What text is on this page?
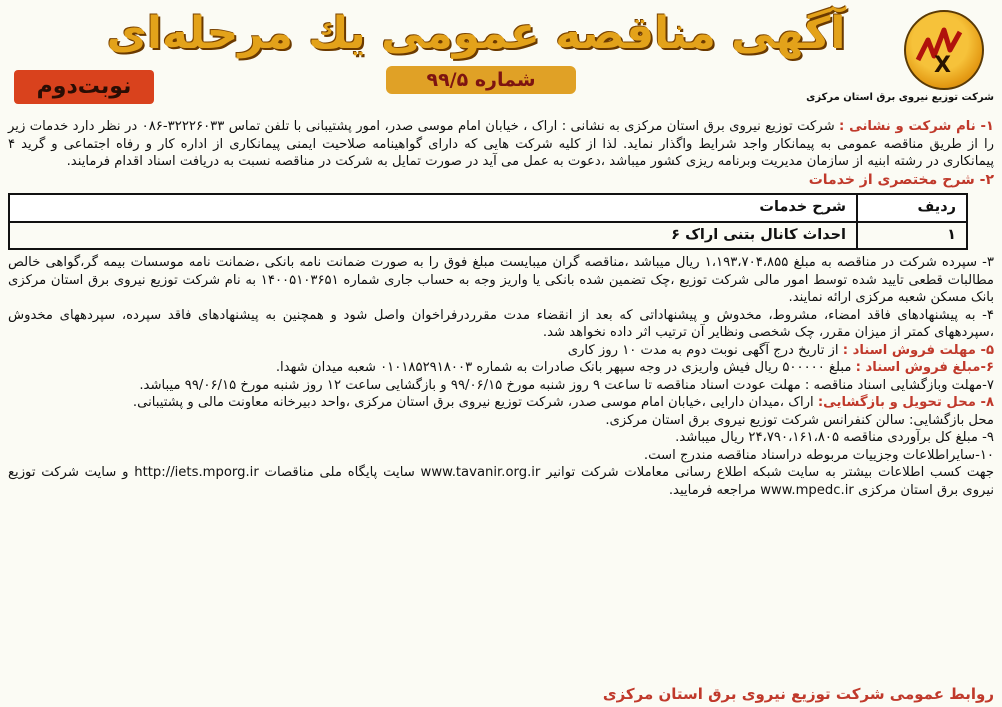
X
شرکت توزیع نیروی برق استان مرکزی
آگهی مناقصه عمومی یك مرحله‌ای
شماره ۹۹/۵
نوبت‌دوم

۱- نام شرکت و نشانی : شرکت توزیع نیروی برق استان مرکزی به نشانی : اراک ، خیابان امام موسی صدر، امور پشتیبانی با تلفن تماس ۳۲۲۲۶۰۳۳-۰۸۶ در نظر دارد خدمات زیر را از طریق مناقصه عمومی به پیمانکار واجد شرایط واگذار نماید. لذا از کلیه شرکت هایی که دارای گواهینامه صلاحیت ایمنی پیمانکاری از اداره کار و رفاه اجتماعی و گرید ۴ پیمانکاری در رشته ابنیه از سازمان مدیریت وبرنامه ریزی کشور میباشد ،دعوت به عمل می آید در صورت تمایل به شرکت در مناقصه نسبت به دریافت اسناد اقدام فرمایند.

۲- شرح مختصری از خدمات
ردیف	شرح خدمات
۱	احداث کانال بتنی اراک ۶

۳- سپرده شرکت در مناقصه به مبلغ ۱،۱۹۳،۷۰۴،۸۵۵ ریال میباشد ،مناقصه گران میبایست مبلغ فوق را به صورت ضمانت نامه بانکی ،ضمانت نامه موسسات بیمه گر،گواهی خالص مطالبات قطعی تایید شده توسط امور مالی شرکت توزیع ،چک تضمین شده بانکی یا واریز وجه به حساب جاری شماره ۱۴۰۰۵۱۰۳۶۵۱ به نام شرکت توزیع نیروی برق استان مرکزی بانک مسکن شعبه مرکزی ارائه نمایند.

۴- به پیشنهادهای فاقد امضاء، مشروط، مخدوش و پیشنهاداتی که بعد از انقضاء مدت مقرردرفراخوان واصل شود و همچنین به پیشنهادهای فاقد سپرده، سپردههای مخدوش ،سپردههای کمتر از میزان مقرر، چک شخصی ونظایر آن ترتیب اثر داده نخواهد شد.

۵- مهلت فروش اسناد : از تاریخ درج آگهی نوبت دوم به مدت ۱۰ روز کاری

۶-مبلغ فروش اسناد : مبلغ ۵۰۰۰۰۰ ریال فیش واریزی در وجه سپهر بانک صادرات به شماره ۰۱۰۱۸۵۲۹۱۸۰۰۳ شعبه میدان شهدا.

۷-مهلت وبازگشایی اسناد مناقصه : مهلت عودت اسناد مناقصه تا ساعت ۹ روز شنبه مورخ ۹۹/۰۶/۱۵ و بازگشایی ساعت ۱۲ روز شنبه مورخ ۹۹/۰۶/۱۵ میباشد.

۸- محل تحویل و بازگشایی: اراک ،میدان دارایی ،خیابان امام موسی صدر، شرکت توزیع نیروی برق استان مرکزی ،واحد دبیرخانه معاونت مالی و پشتیبانی.

محل بازگشایی: سالن کنفرانس شرکت توزیع نیروی برق استان مرکزی.

۹- مبلغ کل برآوردی مناقصه ۲۴،۷۹۰،۱۶۱،۸۰۵ ریال میباشد.

۱۰-سایراطلاعات وجزییات مربوطه دراسناد مناقصه مندرج است.

جهت کسب اطلاعات بیشتر به سایت شبکه اطلاع رسانی معاملات شرکت توانیر www.tavanir.org.ir سایت پایگاه ملی مناقصات http://iets.mporg.ir و سایت شرکت توزیع نیروی برق استان مرکزی www.mpedc.ir مراجعه فرمایید.

روابط عمومی شرکت توزیع نیروی برق استان مرکزی
